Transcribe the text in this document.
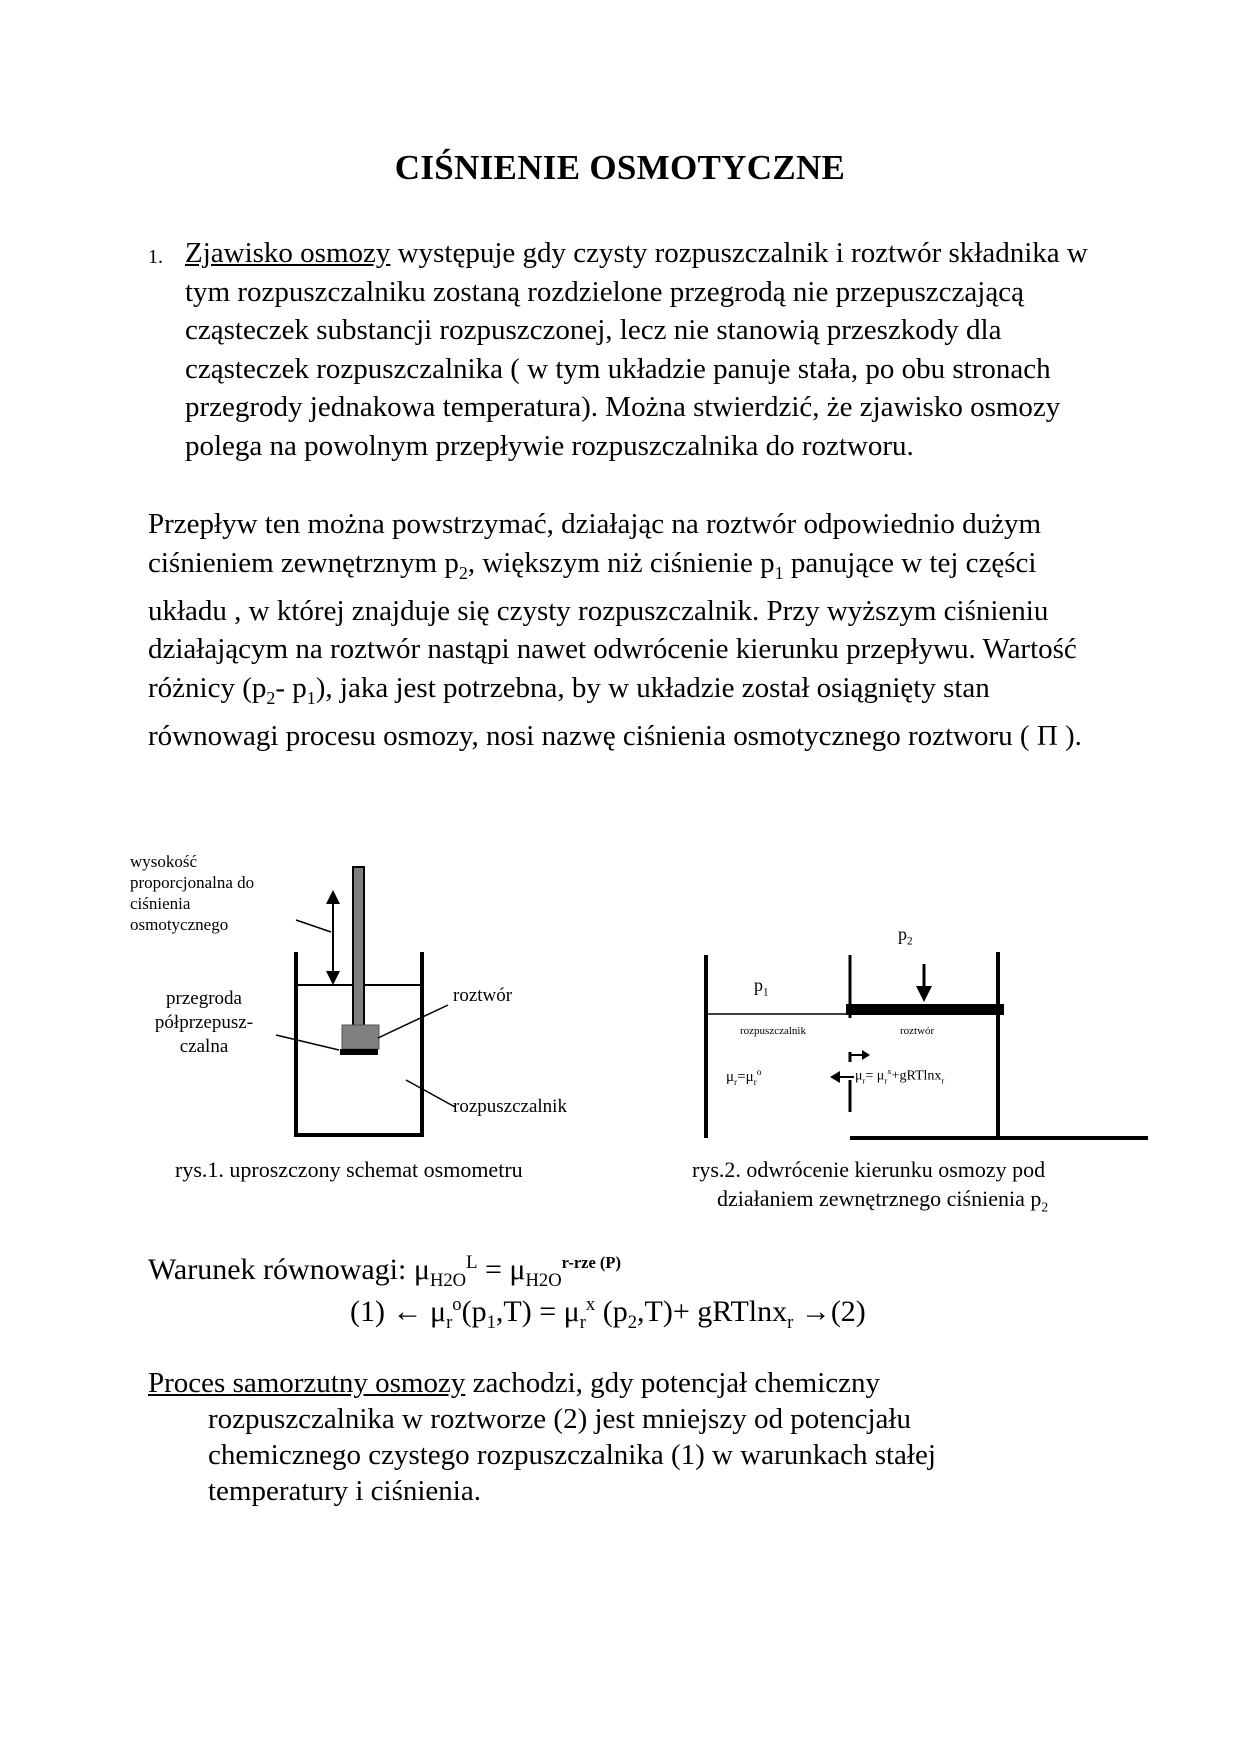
CIŚNIENIE OSMOTYCZNE
1. Zjawisko osmozy występuje gdy czysty rozpuszczalnik i roztwór składnika w tym rozpuszczalniku zostaną rozdzielone przegrodą nie przepuszczającą cząsteczek substancji rozpuszczonej, lecz nie stanowią przeszkody dla cząsteczek rozpuszczalnika ( w tym układzie panuje stała, po obu stronach przegrody jednakowa temperatura). Można stwierdzić, że zjawisko osmozy polega na powolnym przepływie rozpuszczalnika do roztworu.
Przepływ ten można powstrzymać, działając na roztwór odpowiednio dużym ciśnieniem zewnętrznym $p_2$, większym niż ciśnienie $p_1$ panujące w tej części układu , w której znajduje się czysty rozpuszczalnik. Przy wyższym ciśnieniu działającym na roztwór nastąpi nawet odwrócenie kierunku przepływu. Wartość różnicy ($p_2-$ $p_1$), jaka jest potrzebna, by w układzie został osiągnięty stan równowagi procesu osmozy, nosi nazwę ciśnienia osmotycznego roztworu ( Π ).
wysokość
proporcjonalna do
ciśnienia
osmotycznego
przegroda
półprzepusz-
czalna
roztwór
rozpuszczalnik
rys.1. uproszczony schemat osmometru
$p_2$
$p_1$
rozpuszczalnik	roztwór
$\mu_r=\mu_r^o$	$\mu_r= \mu_r^x+gRTlnx_r$
rys.2. odwrócenie kierunku osmozy pod
działaniem zewnętrznego ciśnienia $p_2$
Warunek równowagi: $\mu_{H2O}^L = \mu_{H2O}^{r-rze (P)}$
(1) ← $\mu_r^o(p_1,T) = \mu_r^x$ $(p_2,T)+ gRTlnx_r \to(2)$
Proces samorzutny osmozy zachodzi, gdy potencjał chemiczny
rozpuszczalnika w roztworze (2) jest mniejszy od potencjału
chemicznego czystego rozpuszczalnika (1) w warunkach stałej
temperatury i ciśnienia.
